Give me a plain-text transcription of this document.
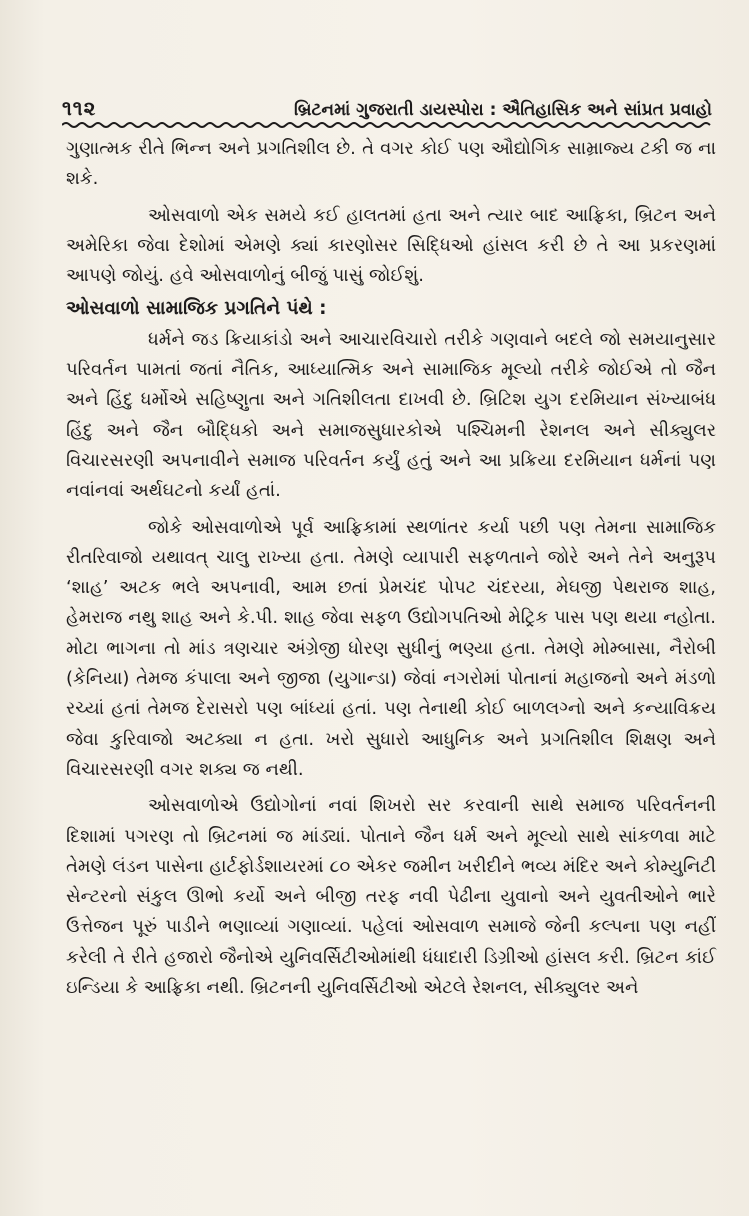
૧૧૨	બ્રિટનમાં ગુજરાતી ડાયસ્પોરા : ઐતિહાસિક અને સાંપ્રત પ્રવાહો

ગુણાત્મક રીતે ભિન્ન અને પ્રગતિશીલ છે. તે વગર કોઈ પણ ઔદ્યોગિક સામ્રાજ્ય ટકી જ ના શકે.

ઓસવાળો એક સમયે કઈ હાલતમાં હતા અને ત્યાર બાદ આફ્રિકા, બ્રિટન અને અમેરિકા જેવા દેશોમાં એમણે ક્યાં કારણોસર સિદ્ધિઓ હાંસલ કરી છે તે આ પ્રકરણમાં આપણે જોયું. હવે ઓસવાળોનું બીજું પાસું જોઈશું.

ઓસવાળો સામાજિક પ્રગતિને પંથે :

ધર્મને જડ ક્રિયાકાંડો અને આચારવિચારો તરીકે ગણવાને બદલે જો સમયાનુસાર પરિવર્તન પામતાં જતાં નૈતિક, આધ્યાત્મિક અને સામાજિક મૂલ્યો તરીકે જોઈએ તો જૈન અને હિંદુ ધર્મોએ સહિષ્ણુતા અને ગતિશીલતા દાખવી છે. બ્રિટિશ યુગ દરમિયાન સંખ્યાબંધ હિંદુ અને જૈન બૌદ્ધિકો અને સમાજસુધારકોએ પશ્ચિમની રેશનલ અને સીક્યુલર વિચારસરણી અપનાવીને સમાજ પરિવર્તન કર્યું હતું અને આ પ્રક્રિયા દરમિયાન ધર્મનાં પણ નવાંનવાં અર્થઘટનો કર્યાં હતાં.

જોકે ઓસવાળોએ પૂર્વ આફ્રિકામાં સ્થળાંતર કર્યા પછી પણ તેમના સામાજિક રીતરિવાજો યથાવત્ ચાલુ રાખ્યા હતા. તેમણે વ્યાપારી સફળતાને જોરે અને તેને અનુરૂપ ‘શાહ’ અટક ભલે અપનાવી, આમ છતાં પ્રેમચંદ પોપટ ચંદરયા, મેઘજી પેથરાજ શાહ, હેમરાજ નથુ શાહ અને કે.પી. શાહ જેવા સફળ ઉદ્યોગપતિઓ મેટ્રિક પાસ પણ થયા નહોતા. મોટા ભાગના તો માંડ ત્રણચાર અંગ્રેજી ધોરણ સુધીનું ભણ્યા હતા. તેમણે મોમ્બાસા, નૈરોબી (કેનિયા) તેમજ કંપાલા અને જીજા (યુગાન્ડા) જેવાં નગરોમાં પોતાનાં મહાજનો અને મંડળો રચ્યાં હતાં તેમજ દેરાસરો પણ બાંધ્યાં હતાં. પણ તેનાથી કોઈ બાળલગ્નો અને કન્યાવિક્રય જેવા કુરિવાજો અટક્યા ન હતા. ખરો સુધારો આધુનિક અને પ્રગતિશીલ શિક્ષણ અને વિચારસરણી વગર શક્ય જ નથી.

ઓસવાળોએ ઉદ્યોગોનાં નવાં શિખરો સર કરવાની સાથે સમાજ પરિવર્તનની દિશામાં પગરણ તો બ્રિટનમાં જ માંડ્યાં. પોતાને જૈન ધર્મ અને મૂલ્યો સાથે સાંકળવા માટે તેમણે લંડન પાસેના હાર્ટફોર્ડશાયરમાં ૮૦ એકર જમીન ખરીદીને ભવ્ય મંદિર અને કોમ્યુનિટી સેન્ટરનો સંકુલ ઊભો કર્યો અને બીજી તરફ નવી પેઢીના યુવાનો અને યુવતીઓને ભારે ઉત્તેજન પૂરું પાડીને ભણાવ્યાં ગણાવ્યાં. પહેલાં ઓસવાળ સમાજે જેની કલ્પના પણ નહીં કરેલી તે રીતે હજારો જૈનોએ યુનિવર્સિટીઓમાંથી ધંધાદારી ડિગ્રીઓ હાંસલ કરી. બ્રિટન કાંઈ ઇન્ડિયા કે આફ્રિકા નથી. બ્રિટનની યુનિવર્સિટીઓ એટલે રેશનલ, સીક્યુલર અને
